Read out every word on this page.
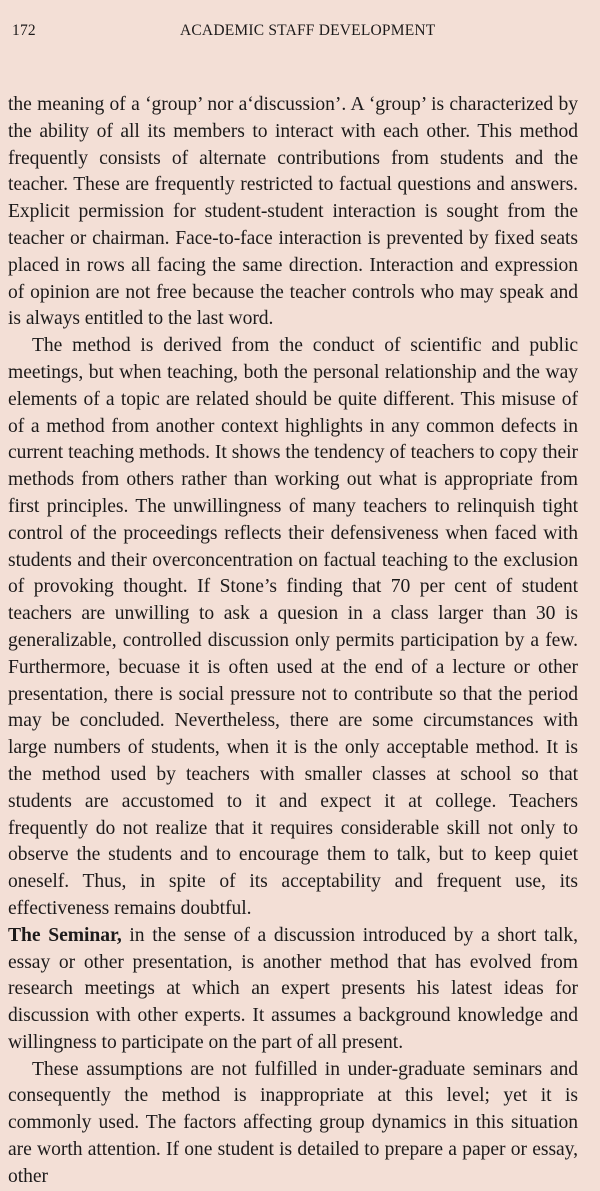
172	ACADEMIC STAFF DEVELOPMENT

the meaning of a ‘group’ nor a‘discussion’. A ‘group’ is characterized by the ability of all its members to interact with each other. This method frequently consists of alternate contributions from students and the teacher. These are frequently restricted to factual questions and answers. Explicit permission for student-student interaction is sought from the teacher or chairman. Face-to-face interaction is prevented by fixed seats placed in rows all facing the same direction. Interaction and expression of opinion are not free because the teacher controls who may speak and is always entitled to the last word.

The method is derived from the conduct of scientific and public meetings, but when teaching, both the personal relationship and the way elements of a topic are related should be quite different. This misuse of of a method from another context highlights in any common defects in current teaching methods. It shows the tendency of teachers to copy their methods from others rather than working out what is appropriate from first principles. The unwillingness of many teachers to relinquish tight control of the proceedings reflects their defensiveness when faced with students and their overconcentration on factual teaching to the exclusion of provoking thought. If Stone’s finding that 70 per cent of student teachers are unwilling to ask a quesion in a class larger than 30 is generalizable, controlled discussion only permits participation by a few. Furthermore, becuase it is often used at the end of a lecture or other presentation, there is social pressure not to contribute so that the period may be concluded. Nevertheless, there are some circumstances with large numbers of students, when it is the only acceptable method. It is the method used by teachers with smaller classes at school so that students are accustomed to it and expect it at college. Teachers frequently do not realize that it requires considerable skill not only to observe the students and to encourage them to talk, but to keep quiet oneself. Thus, in spite of its acceptability and frequent use, its effectiveness remains doubtful.

The Seminar, in the sense of a discussion introduced by a short talk, essay or other presentation, is another method that has evolved from research meetings at which an expert presents his latest ideas for discussion with other experts. It assumes a background knowledge and willingness to participate on the part of all present.

These assumptions are not fulfilled in under-graduate seminars and consequently the method is inappropriate at this level; yet it is commonly used. The factors affecting group dynamics in this situation are worth attention. If one student is detailed to prepare a paper or essay, other
